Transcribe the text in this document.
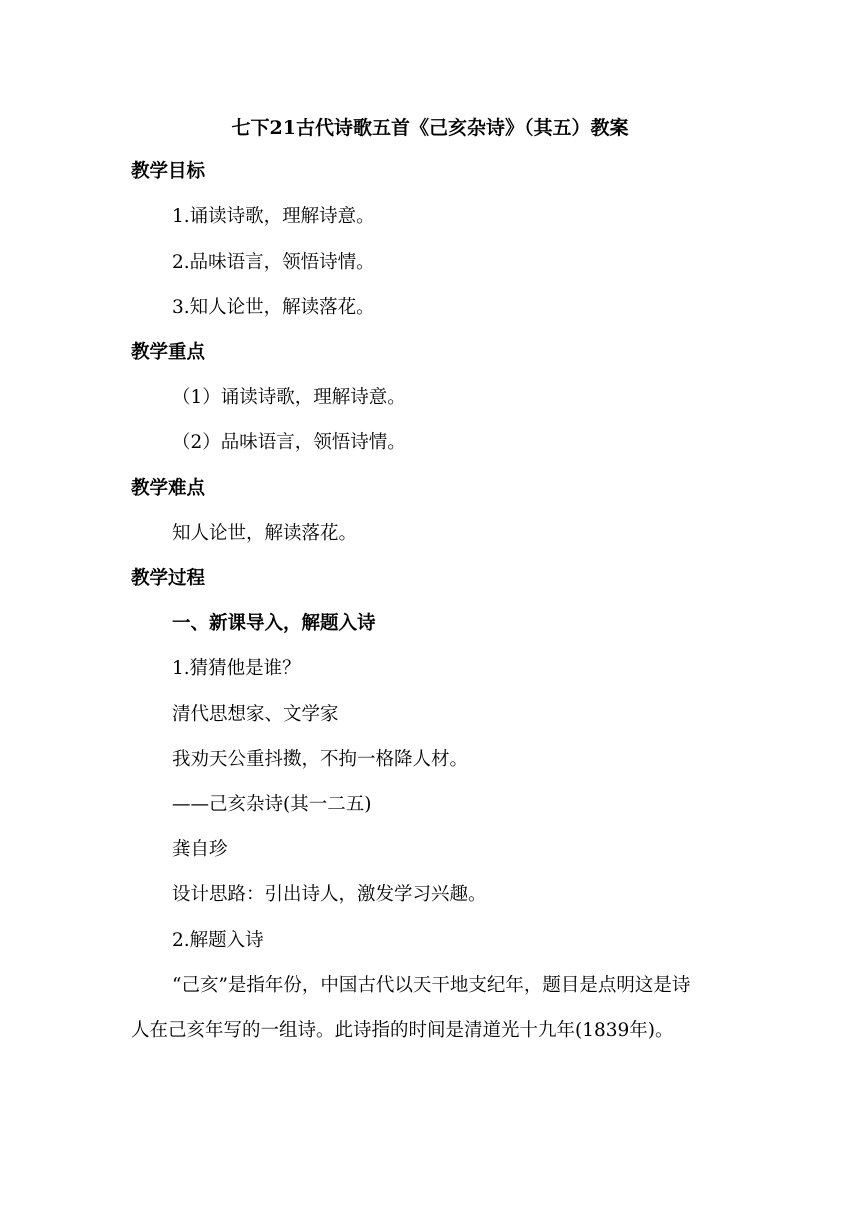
七下21古代诗歌五首《己亥杂诗》（其五）教案
教学目标
1.诵读诗歌，理解诗意。
2.品味语言，领悟诗情。
3.知人论世，解读落花。
教学重点
（1）诵读诗歌，理解诗意。
（2）品味语言，领悟诗情。
教学难点
知人论世，解读落花。
教学过程
一、新课导入，解题入诗
1.猜猜他是谁？
清代思想家、文学家
我劝天公重抖擞，不拘一格降人材。
——己亥杂诗(其一二五)
龚自珍
设计思路：引出诗人，激发学习兴趣。
2.解题入诗
“己亥”是指年份，中国古代以天干地支纪年，题目是点明这是诗
人在己亥年写的一组诗。此诗指的时间是清道光十九年(1839年)。
